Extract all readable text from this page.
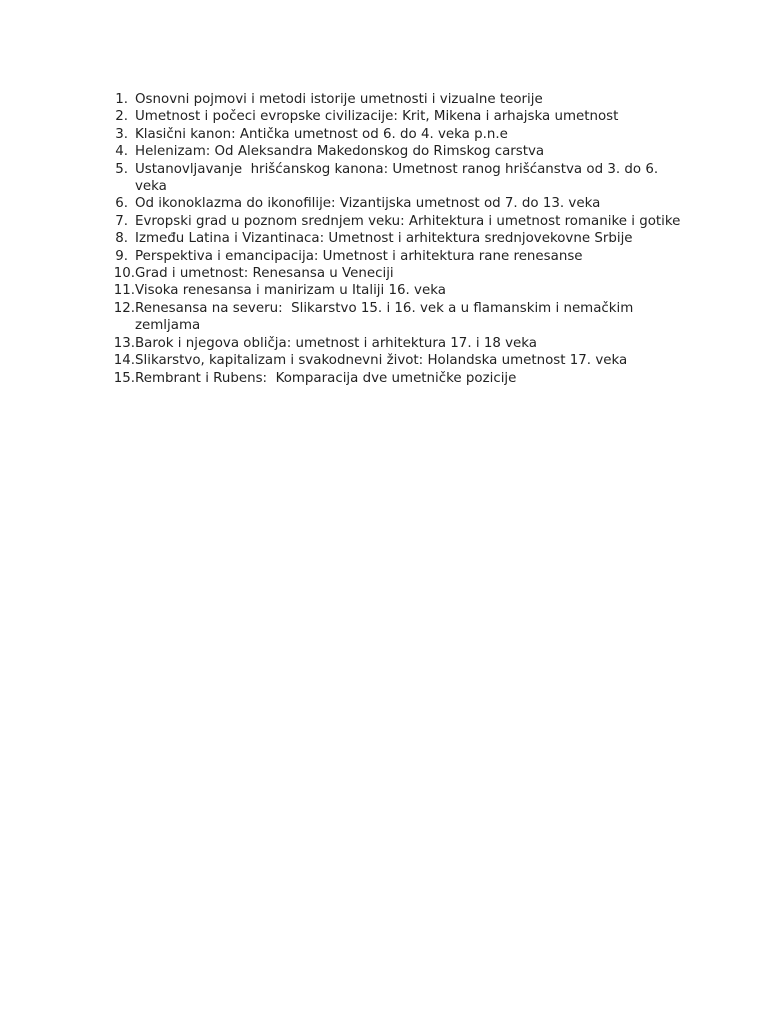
1. Osnovni pojmovi i metodi istorije umetnosti i vizualne teorije
2. Umetnost i počeci evropske civilizacije: Krit, Mikena i arhajska umetnost
3. Klasični kanon: Antička umetnost od 6. do 4. veka p.n.e
4. Helenizam: Od Aleksandra Makedonskog do Rimskog carstva
5. Ustanovljavanje  hrišćanskog kanona: Umetnost ranog hrišćanstva od 3. do 6. veka
6. Od ikonoklazma do ikonofilije: Vizantijska umetnost od 7. do 13. veka
7. Evropski grad u poznom srednjem veku: Arhitektura i umetnost romanike i gotike
8. Između Latina i Vizantinaca: Umetnost i arhitektura srednjovekovne Srbije
9. Perspektiva i emancipacija: Umetnost i arhitektura rane renesanse
10. Grad i umetnost: Renesansa u Veneciji
11. Visoka renesansa i manirizam u Italiji 16. veka
12. Renesansa na severu:  Slikarstvo 15. i 16. vek a u flamanskim i nemačkim zemljama
13. Barok i njegova obličja: umetnost i arhitektura 17. i 18 veka
14. Slikarstvo, kapitalizam i svakodnevni život: Holandska umetnost 17. veka
15. Rembrant i Rubens:  Komparacija dve umetničke pozicije
